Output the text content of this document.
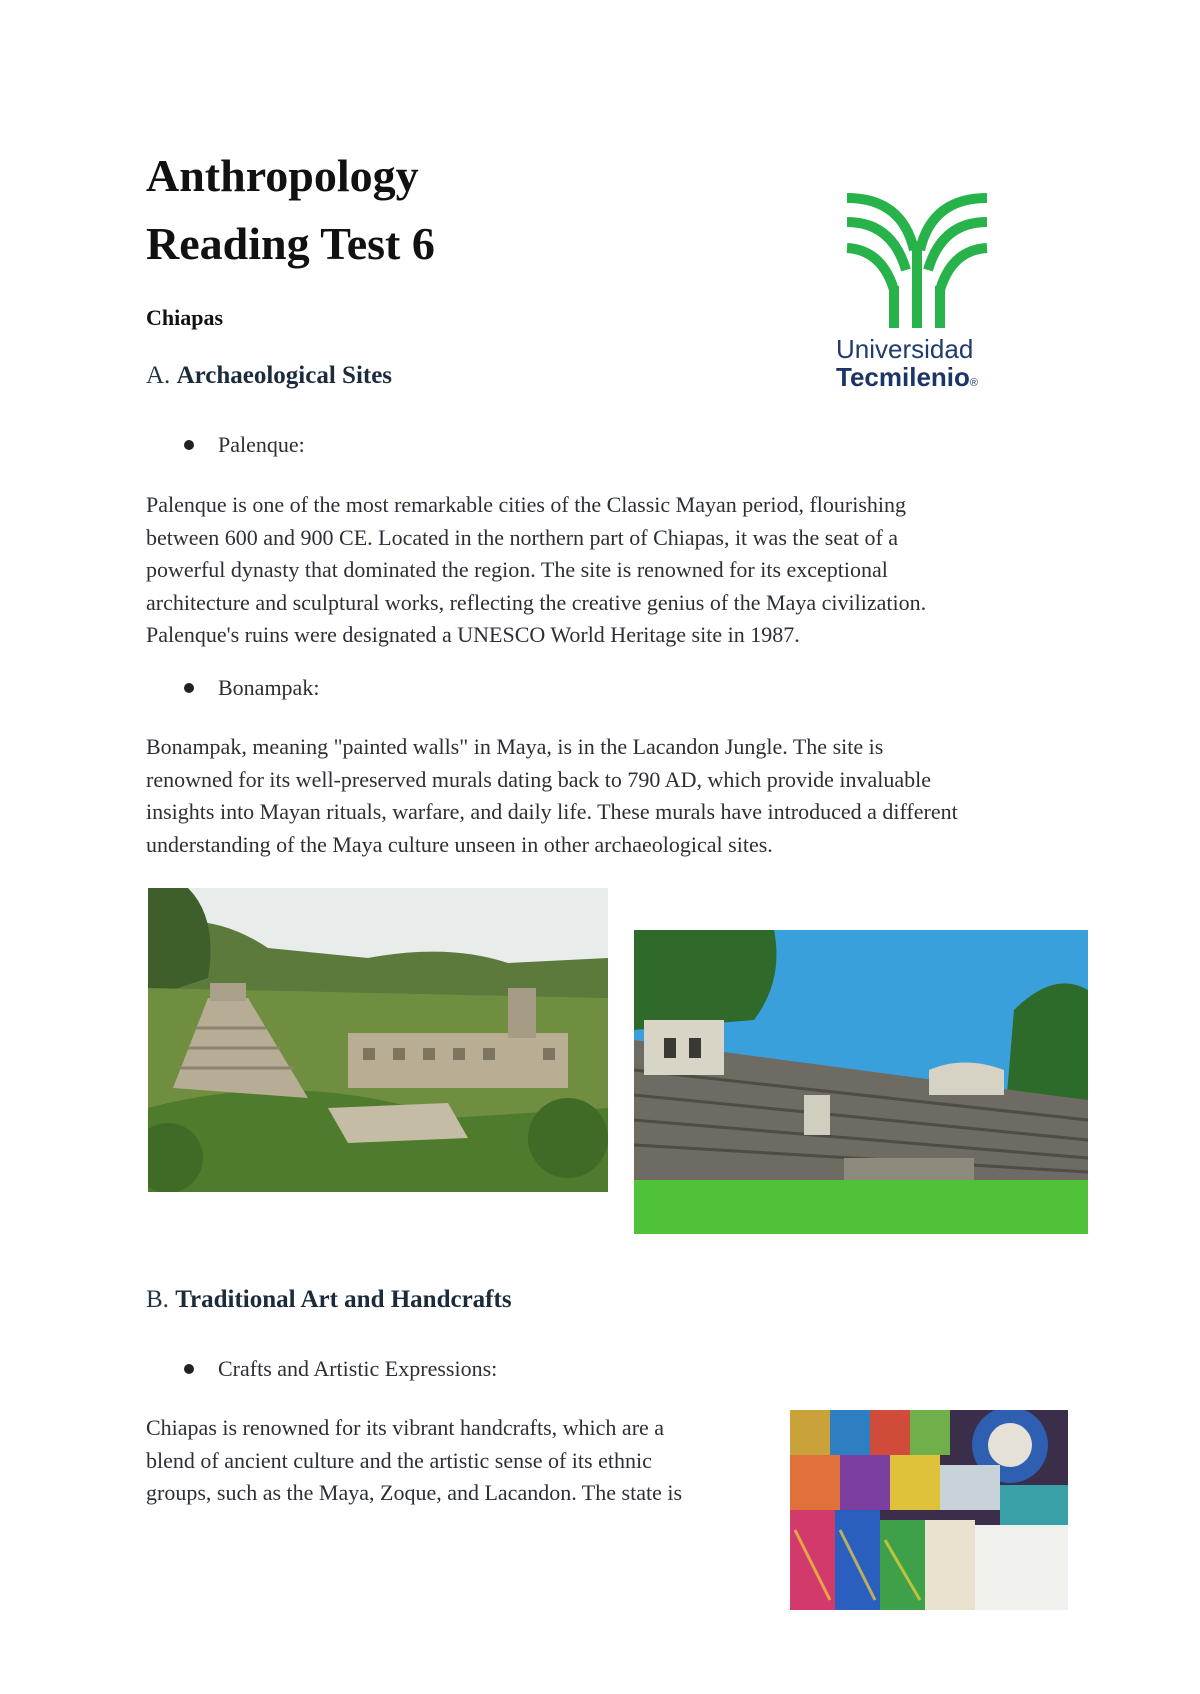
Anthropology
Reading Test 6
Chiapas
Universidad
Tecmilenio®
A. Archaeological Sites
Palenque:

Palenque is one of the most remarkable cities of the Classic Mayan period, flourishing

between 600 and 900 CE. Located in the northern part of Chiapas, it was the seat of a

powerful dynasty that dominated the region. The site is renowned for its exceptional

architecture and sculptural works, reflecting the creative genius of the Maya civilization.

Palenque's ruins were designated a UNESCO World Heritage site in 1987.

Bonampak:

Bonampak, meaning "painted walls" in Maya, is in the Lacandon Jungle. The site is

renowned for its well-preserved murals dating back to 790 AD, which provide invaluable

insights into Mayan rituals, warfare, and daily life. These murals have introduced a different

understanding of the Maya culture unseen in other archaeological sites.

B. Traditional Art and Handcrafts
Crafts and Artistic Expressions:

Chiapas is renowned for its vibrant handcrafts, which are a

blend of ancient culture and the artistic sense of its ethnic

groups, such as the Maya, Zoque, and Lacandon. The state is
